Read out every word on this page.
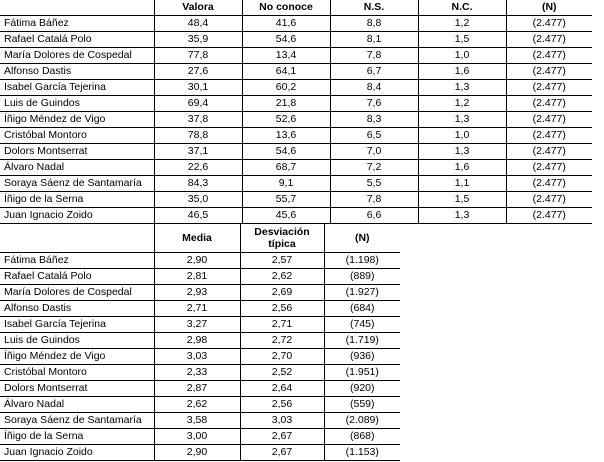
	Valora	No conoce	N.S.	N.C.	(N)
Fátima Báñez	48,4	41,6	8,8	1,2	(2.477)
Rafael Catalá Polo	35,9	54,6	8,1	1,5	(2.477)
María Dolores de Cospedal	77,8	13,4	7,8	1,0	(2.477)
Alfonso Dastis	27,6	64,1	6,7	1,6	(2.477)
Isabel García Tejerina	30,1	60,2	8,4	1,3	(2.477)
Luis de Guindos	69,4	21,8	7,6	1,2	(2.477)
Íñigo Méndez de Vigo	37,8	52,6	8,3	1,3	(2.477)
Cristóbal Montoro	78,8	13,6	6,5	1,0	(2.477)
Dolors Montserrat	37,1	54,6	7,0	1,3	(2.477)
Álvaro Nadal	22,6	68,7	7,2	1,6	(2.477)
Soraya Sáenz de Santamaría	84,3	9,1	5,5	1,1	(2.477)
Íñigo de la Serna	35,0	55,7	7,8	1,5	(2.477)
Juan Ignacio Zoido	46,5	45,6	6,6	1,3	(2.477)
	Media	Desviación típica	(N)
Fátima Báñez	2,90	2,57	(1.198)
Rafael Catalá Polo	2,81	2,62	(889)
María Dolores de Cospedal	2,93	2,69	(1.927)
Alfonso Dastis	2,71	2,56	(684)
Isabel García Tejerina	3,27	2,71	(745)
Luis de Guindos	2,98	2,72	(1.719)
Íñigo Méndez de Vigo	3,03	2,70	(936)
Cristóbal Montoro	2,33	2,52	(1.951)
Dolors Montserrat	2,87	2,64	(920)
Álvaro Nadal	2,62	2,56	(559)
Soraya Sáenz de Santamaría	3,58	3,03	(2.089)
Íñigo de la Serna	3,00	2,67	(868)
Juan Ignacio Zoido	2,90	2,67	(1.153)
